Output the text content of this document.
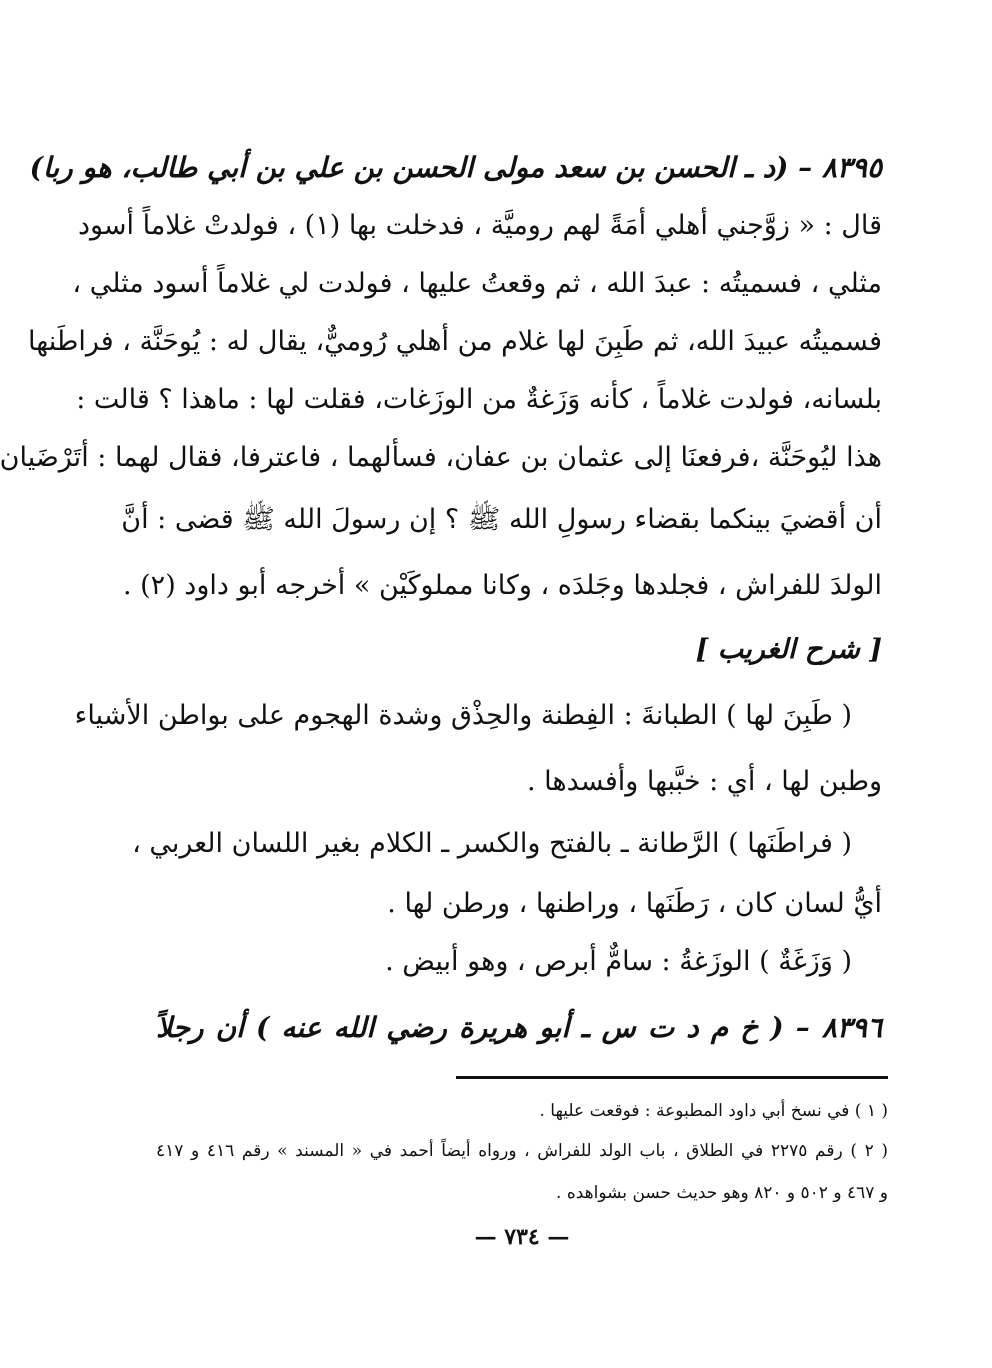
٨٣٩٥ – (د ـ الحسن بن سعد مولى الحسن بن علي بن أبي طالب، هو ربا)
قال : « زوَّجني أهلي أمَةً لهم روميَّة ، فدخلت بها (١) ، فولدتْ غلاماً أسود
مثلي ، فسميتُه : عبدَ الله ، ثم وقعتُ عليها ، فولدت لي غلاماً أسود مثلي ،
فسميتُه عبيدَ الله، ثم طَبِنَ لها غلام من أهلي رُوميٌّ، يقال له : يُوحَنَّة ، فراطَنها
بلسانه، فولدت غلاماً ، كأنه وَزَغةٌ من الوزَغات، فقلت لها : ماهذا ؟ قالت :
هذا ليُوحَنَّة ،فرفعنَا إلى عثمان بن عفان، فسألهما ، فاعترفا، فقال لهما : أتَرْضَيان
أن أقضيَ بينكما بقضاء رسولِ الله ﷺ ؟ إن رسولَ الله ﷺ قضى : أنَّ
الولدَ للفراش ، فجلدها وجَلدَه ، وكانا مملوكَيْن » أخرجه أبو داود (٢) .
[ شرح الغريب ]
( طَبِنَ لها ) الطبانةَ : الفِطنة والحِذْق وشدة الهجوم على بواطن الأشياء
وطبن لها ، أي : خبَّبها وأفسدها .
( فراطَنَها ) الرَّطانة ـ بالفتح والكسر ـ الكلام بغير اللسان العربي ،
أيُّ لسان كان ، رَطَنَها ، وراطنها ، ورطن لها .
( وَزَغَةٌ ) الوزَغةُ : سامٌّ أبرص ، وهو أبيض .
٨٣٩٦ – ( خ م د ت س ـ أبو هريرة رضي الله عنه ) أن رجلاً
( ١ ) في نسخ أبي داود المطبوعة : فوقعت عليها .
( ٢ ) رقم ٢٢٧٥ في الطلاق ، باب الولد للفراش ، ورواه أيضاً أحمد في « المسند » رقم ٤١٦ و ٤١٧
و ٤٦٧ و ٥٠٢ و ٨٢٠ وهو حديث حسن بشواهده .
— ٧٣٤ —
